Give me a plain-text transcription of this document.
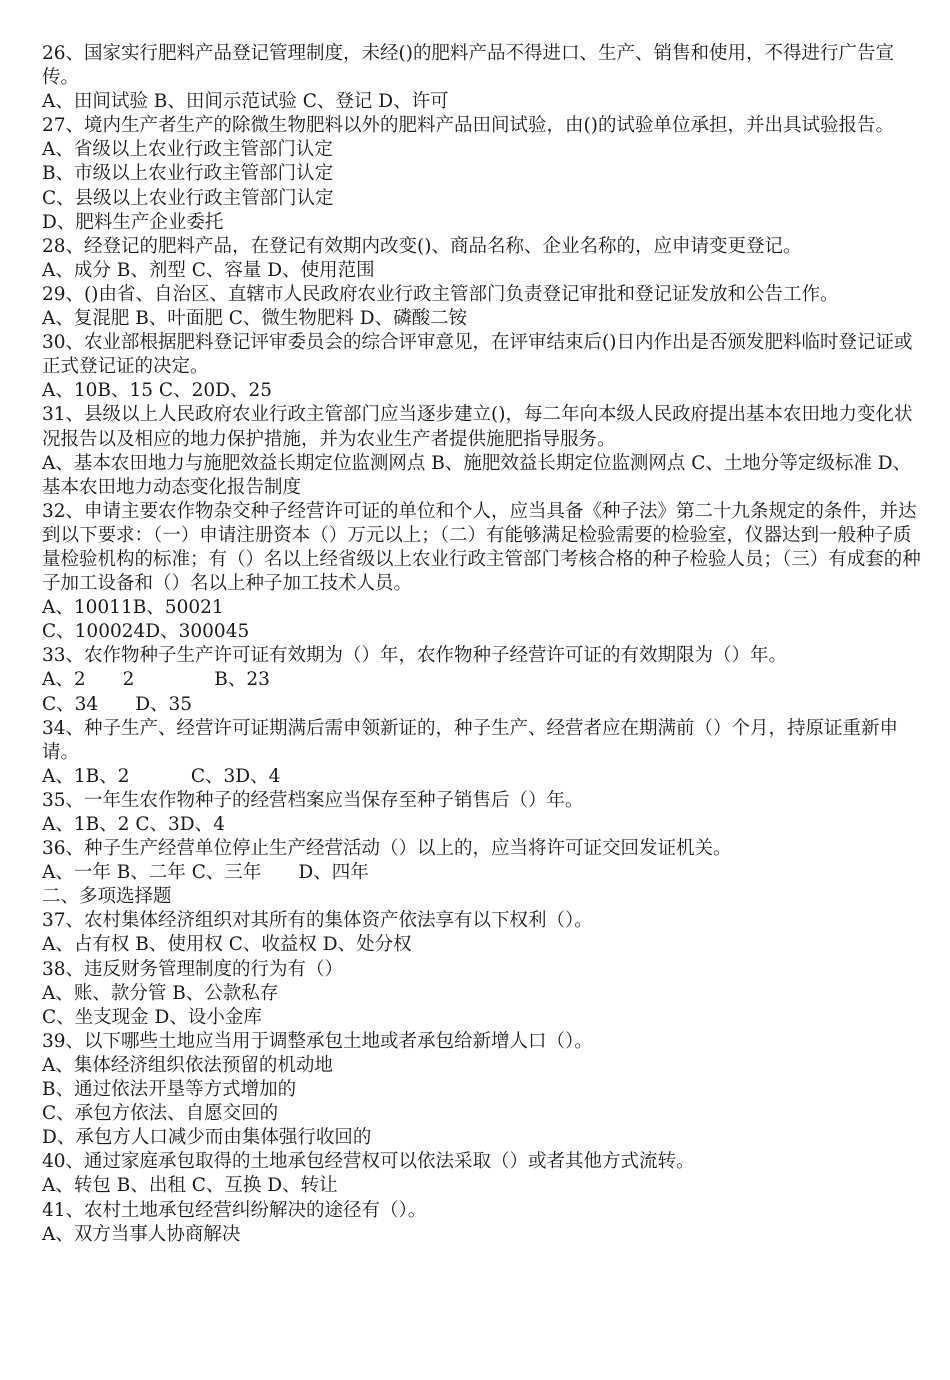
26、国家实行肥料产品登记管理制度，未经()的肥料产品不得进口、生产、销售和使用，不得进行广告宣传。
A、田间试验 B、田间示范试验 C、登记 D、许可
27、境内生产者生产的除微生物肥料以外的肥料产品田间试验，由()的试验单位承担，并出具试验报告。
A、省级以上农业行政主管部门认定
B、市级以上农业行政主管部门认定
C、县级以上农业行政主管部门认定
D、肥料生产企业委托
28、经登记的肥料产品，在登记有效期内改变()、商品名称、企业名称的，应申请变更登记。
A、成分 B、剂型 C、容量 D、使用范围
29、()由省、自治区、直辖市人民政府农业行政主管部门负责登记审批和登记证发放和公告工作。
A、复混肥 B、叶面肥 C、微生物肥料 D、磷酸二铵
30、农业部根据肥料登记评审委员会的综合评审意见，在评审结束后()日内作出是否颁发肥料临时登记证或正式登记证的决定。
A、10B、15 C、20D、25
31、县级以上人民政府农业行政主管部门应当逐步建立()，每二年向本级人民政府提出基本农田地力变化状况报告以及相应的地力保护措施，并为农业生产者提供施肥指导服务。
A、基本农田地力与施肥效益长期定位监测网点 B、施肥效益长期定位监测网点 C、土地分等定级标准 D、基本农田地力动态变化报告制度
32、申请主要农作物杂交种子经营许可证的单位和个人，应当具备《种子法》第二十九条规定的条件，并达到以下要求：（一）申请注册资本（）万元以上；（二）有能够满足检验需要的检验室，仪器达到一般种子质量检验机构的标准；有（）名以上经省级以上农业行政主管部门考核合格的种子检验人员；（三）有成套的种子加工设备和（）名以上种子加工技术人员。
A、10011B、50021
C、100024D、300045
33、农作物种子生产许可证有效期为（）年，农作物种子经营许可证的有效期限为（）年。
A、2　　2　　　　 B、23
C、34　　D、35
34、种子生产、经营许可证期满后需申领新证的，种子生产、经营者应在期满前（）个月，持原证重新申请。
A、1B、2　　　 C、3D、4
35、一年生农作物种子的经营档案应当保存至种子销售后（）年。
A、1B、2 C、3D、4
36、种子生产经营单位停止生产经营活动（）以上的，应当将许可证交回发证机关。
A、一年 B、二年 C、三年　　D、四年
二、多项选择题
37、农村集体经济组织对其所有的集体资产依法享有以下权利（）。
A、占有权 B、使用权 C、收益权 D、处分权
38、违反财务管理制度的行为有（）
A、账、款分管 B、公款私存
C、坐支现金 D、设小金库
39、以下哪些土地应当用于调整承包土地或者承包给新增人口（）。
A、集体经济组织依法预留的机动地
B、通过依法开垦等方式增加的
C、承包方依法、自愿交回的
D、承包方人口减少而由集体强行收回的
40、通过家庭承包取得的土地承包经营权可以依法采取（）或者其他方式流转。
A、转包 B、出租 C、互换 D、转让
41、农村土地承包经营纠纷解决的途径有（）。
A、双方当事人协商解决
